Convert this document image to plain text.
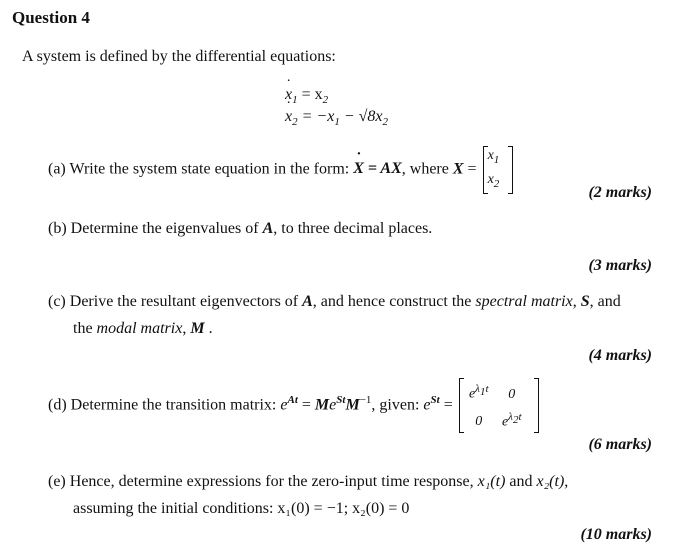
Question 4
A system is defined by the differential equations:
˙ $x_1 = x_2$
˙ $x_2 = -x_1 - √8x_2$
(a) Write the system state equation in the form: ˙ X = AX, where X =
$x_1$
$x_2$
(2 marks)
(b) Determine the eigenvalues of A, to three decimal places.
(3 marks)
(c) Derive the resultant eigenvectors of A, and hence construct the spectral matrix, S, and
the modal matrix, M .
(4 marks)
(d) Determine the transition matrix: $e^{At} = Me^{St}M^{-1}$, given: $e^{St}$ =
$e^{\lambda_1t}$ 0
0 $e^{\lambda_2t}$
(6 marks)
(e) Hence, determine expressions for the zero-input time response, x₁(t) and x₂(t),
assuming the initial conditions: x₁(0) = −1; x₂(0) = 0
(10 marks)
